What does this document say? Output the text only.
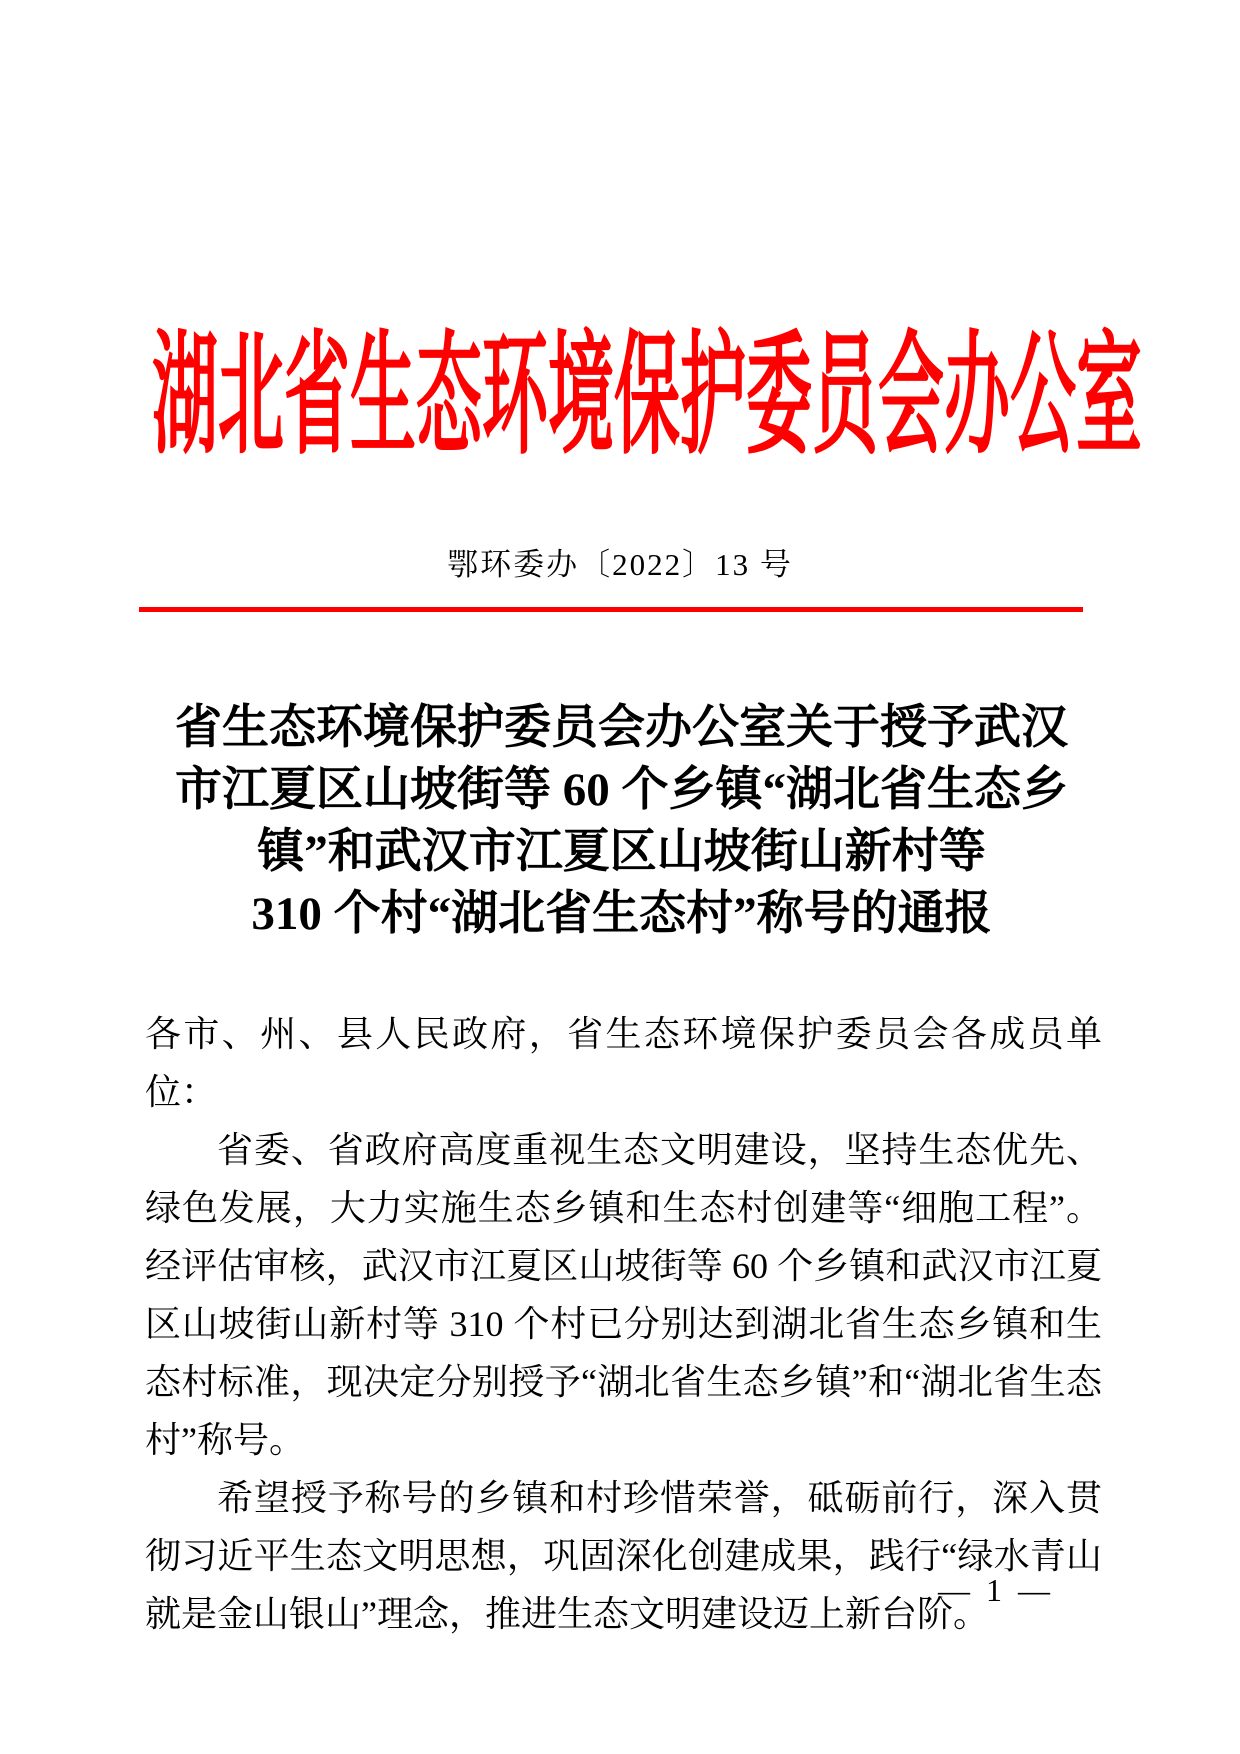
湖北省生态环境保护委员会办公室
鄂环委办〔2022〕13 号
省生态环境保护委员会办公室关于授予武汉
市江夏区山坡街等 60 个乡镇“湖北省生态乡
镇”和武汉市江夏区山坡街山新村等
310 个村“湖北省生态村”称号的通报

各市、州、县人民政府，省生态环境保护委员会各成员单位：

省委、省政府高度重视生态文明建设，坚持生态优先、绿色发展，大力实施生态乡镇和生态村创建等“细胞工程”。经评估审核，武汉市江夏区山坡街等 60 个乡镇和武汉市江夏区山坡街山新村等 310 个村已分别达到湖北省生态乡镇和生态村标准，现决定分别授予“湖北省生态乡镇”和“湖北省生态村”称号。

希望授予称号的乡镇和村珍惜荣誉，砥砺前行，深入贯彻习近平生态文明思想，巩固深化创建成果，践行“绿水青山就是金山银山”理念，推进生态文明建设迈上新台阶。

— 1 —
